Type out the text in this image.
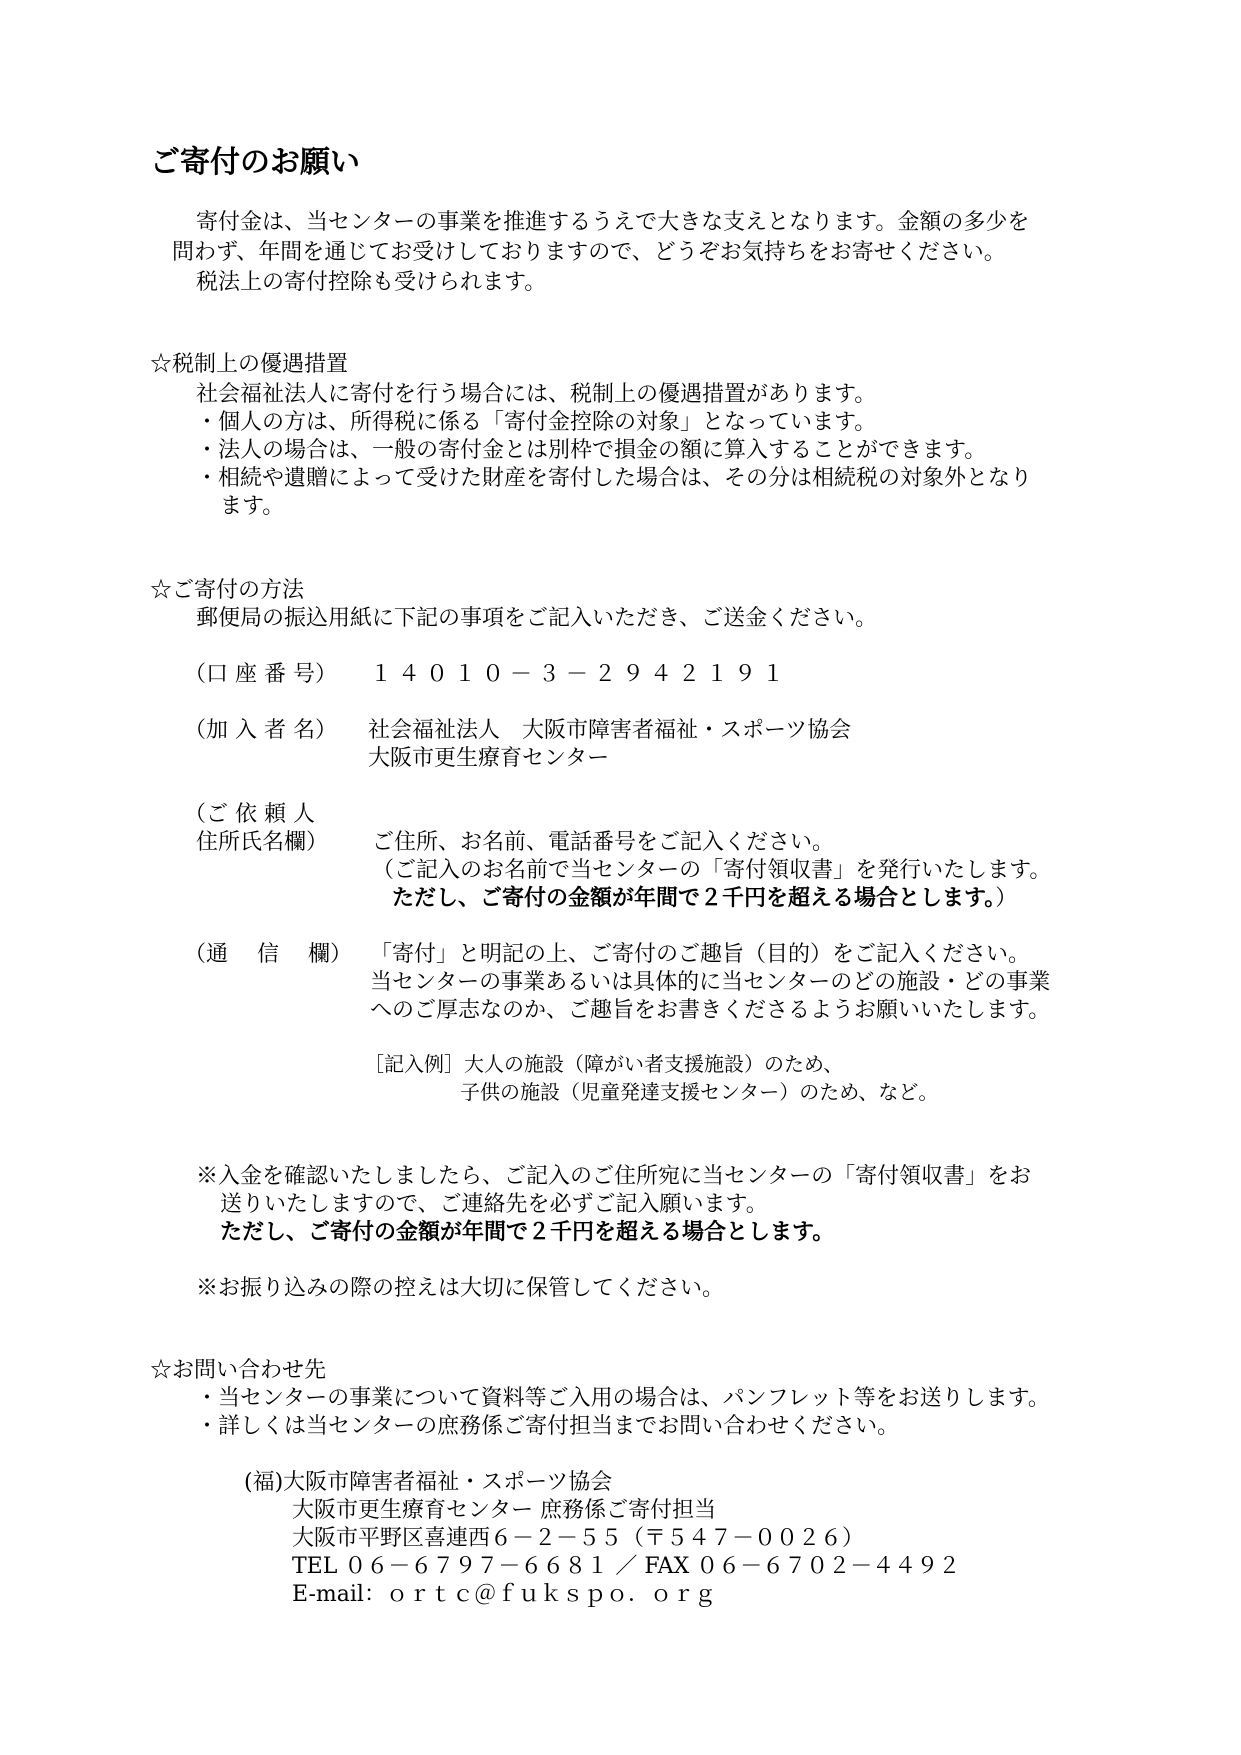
ご寄付のお願い
寄付金は、当センターの事業を推進するうえで大きな支えとなります。金額の多少を
問わず、年間を通じてお受けしておりますので、どうぞお気持ちをお寄せください。
税法上の寄付控除も受けられます。
☆税制上の優遇措置
社会福祉法人に寄付を行う場合には、税制上の優遇措置があります。
・個人の方は、所得税に係る「寄付金控除の対象」となっています。
・法人の場合は、一般の寄付金とは別枠で損金の額に算入することができます。
・相続や遺贈によって受けた財産を寄付した場合は、その分は相続税の対象外となり
ます。
☆ご寄付の方法
郵便局の振込用紙に下記の事項をご記入いただき、ご送金ください。
（口 座 番 号） １４０１０－３－２９４２１９１
（加 入 者 名） 社会福祉法人　大阪市障害者福祉・スポーツ協会
大阪市更生療育センター
（ご 依 頼 人
住所氏名欄） ご住所、お名前、電話番号をご記入ください。
（ご記入のお名前で当センターの「寄付領収書」を発行いたします。
ただし、ご寄付の金額が年間で２千円を超える場合とします。）
（通　 信　 欄） 「寄付」と明記の上、ご寄付のご趣旨（目的）をご記入ください。
当センターの事業あるいは具体的に当センターのどの施設・どの事業
へのご厚志なのか、ご趣旨をお書きくださるようお願いいたします。
［記入例］大人の施設（障がい者支援施設）のため、
子供の施設（児童発達支援センター）のため、など。
※入金を確認いたしましたら、ご記入のご住所宛に当センターの「寄付領収書」をお
送りいたしますので、ご連絡先を必ずご記入願います。
ただし、ご寄付の金額が年間で２千円を超える場合とします。
※お振り込みの際の控えは大切に保管してください。
☆お問い合わせ先
・当センターの事業について資料等ご入用の場合は、パンフレット等をお送りします。
・詳しくは当センターの庶務係ご寄付担当までお問い合わせください。
(福)大阪市障害者福祉・スポーツ協会
大阪市更生療育センター 庶務係ご寄付担当
大阪市平野区喜連西６－２－５５（〒５４７－００２６）
TEL ０６－６７９７－６６８１ ／ FAX ０６－６７０２－４４９２
E-mail：ｏｒｔｃ＠ｆｕｋｓｐｏ．ｏｒｇ
